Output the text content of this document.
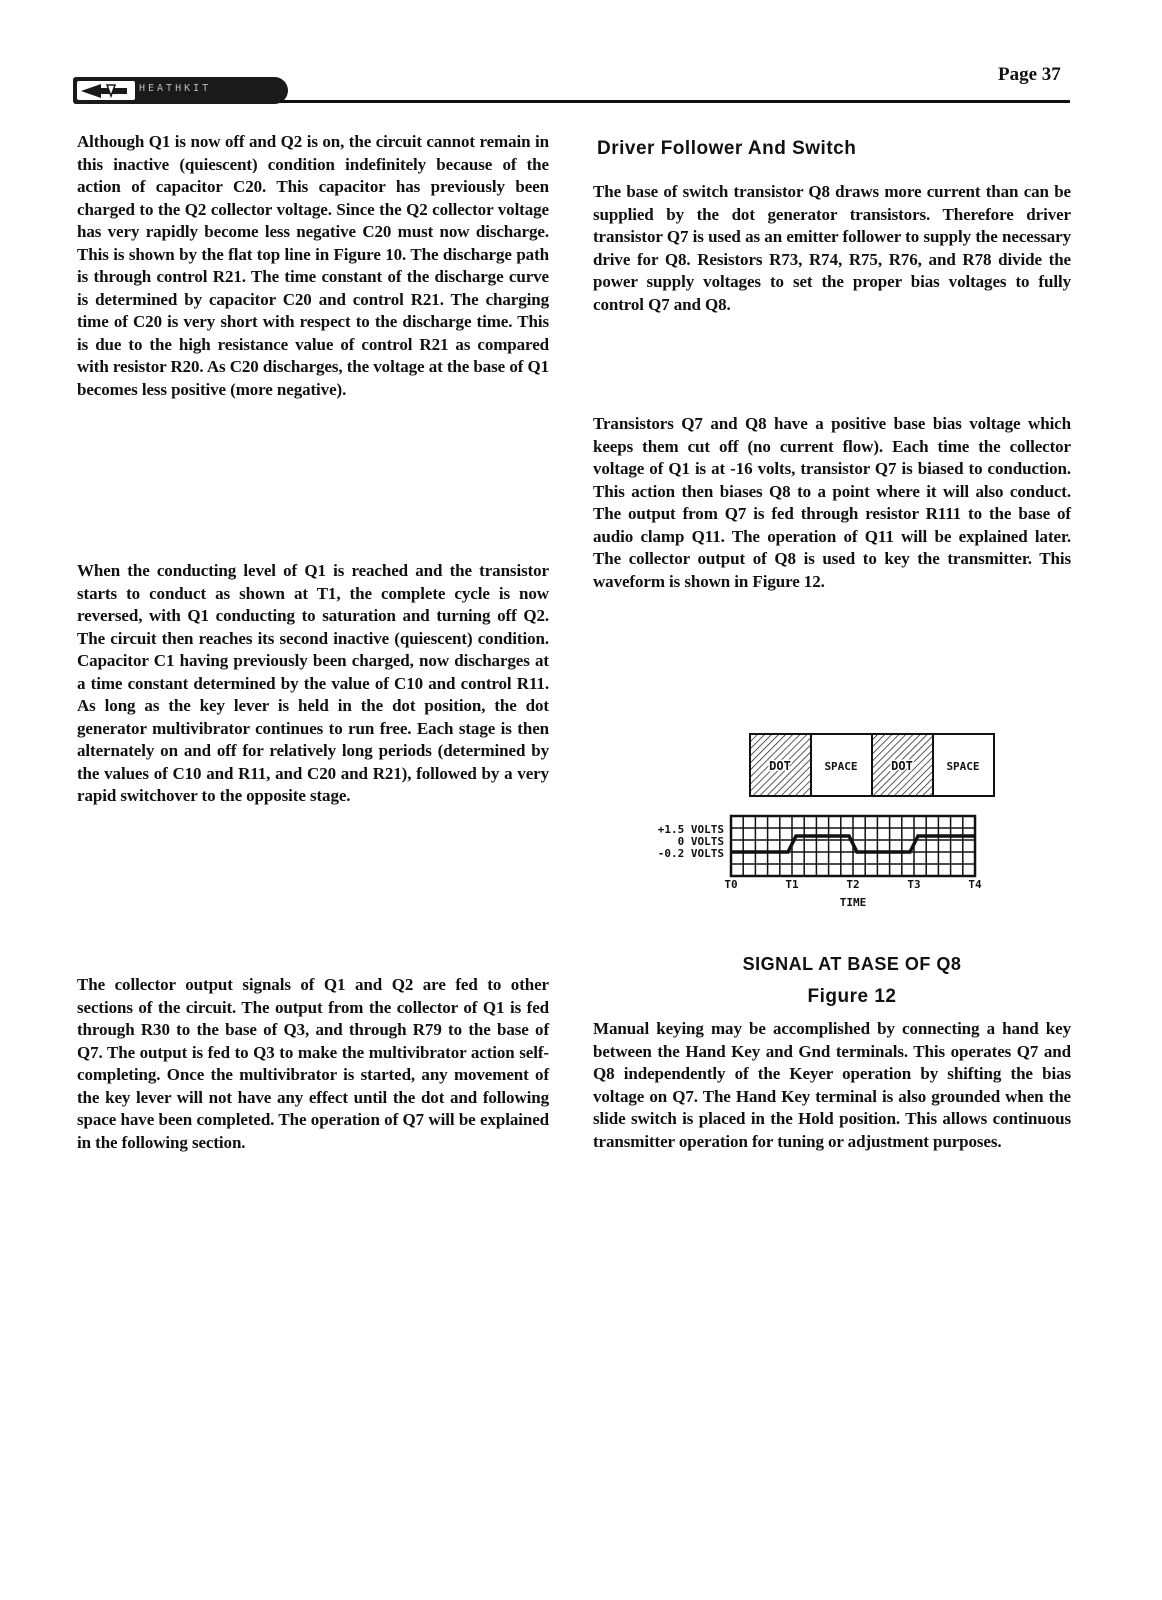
Page 37
HEATHKIT

Although Q1 is now off and Q2 is on, the circuit cannot remain in this inactive (quiescent) condition indefinitely because of the action of capacitor C20. This capacitor has previously been charged to the Q2 collector voltage. Since the Q2 collector voltage has very rapidly become less negative C20 must now discharge. This is shown by the flat top line in Figure 10. The discharge path is through control R21. The time constant of the discharge curve is determined by capacitor C20 and control R21. The charging time of C20 is very short with respect to the discharge time. This is due to the high resistance value of control R21 as compared with resistor R20. As C20 discharges, the voltage at the base of Q1 becomes less positive (more negative).

When the conducting level of Q1 is reached and the transistor starts to conduct as shown at T1, the complete cycle is now reversed, with Q1 conducting to saturation and turning off Q2. The circuit then reaches its second inactive (quiescent) condition. Capacitor C1 having previously been charged, now discharges at a time constant determined by the value of C10 and control R11. As long as the key lever is held in the dot position, the dot generator multivibrator continues to run free. Each stage is then alternately on and off for relatively long periods (determined by the values of C10 and R11, and C20 and R21), followed by a very rapid switchover to the opposite stage.

The collector output signals of Q1 and Q2 are fed to other sections of the circuit. The output from the collector of Q1 is fed through R30 to the base of Q3, and through R79 to the base of Q7. The output is fed to Q3 to make the multivibrator action self-completing. Once the multivibrator is started, any movement of the key lever will not have any effect until the dot and following space have been completed. The operation of Q7 will be explained in the following section.

Driver Follower And Switch

The base of switch transistor Q8 draws more current than can be supplied by the dot generator transistors. Therefore driver transistor Q7 is used as an emitter follower to supply the necessary drive for Q8. Resistors R73, R74, R75, R76, and R78 divide the power supply voltages to set the proper bias voltages to fully control Q7 and Q8.

Transistors Q7 and Q8 have a positive base bias voltage which keeps them cut off (no current flow). Each time the collector voltage of Q1 is at -16 volts, transistor Q7 is biased to conduction. This action then biases Q8 to a point where it will also conduct. The output from Q7 is fed through resistor R111 to the base of audio clamp Q11. The operation of Q11 will be explained later. The collector output of Q8 is used to key the transmitter. This waveform is shown in Figure 12.

DOT	SPACE	DOT	SPACE
+1.5 VOLTS
0 VOLTS
-0.2 VOLTS
T0	T1	T2	T3	T4
TIME
SIGNAL AT BASE OF Q8
Figure 12

Manual keying may be accomplished by connecting a hand key between the Hand Key and Gnd terminals. This operates Q7 and Q8 independently of the Keyer operation by shifting the bias voltage on Q7. The Hand Key terminal is also grounded when the slide switch is placed in the Hold position. This allows continuous transmitter operation for tuning or adjustment purposes.
